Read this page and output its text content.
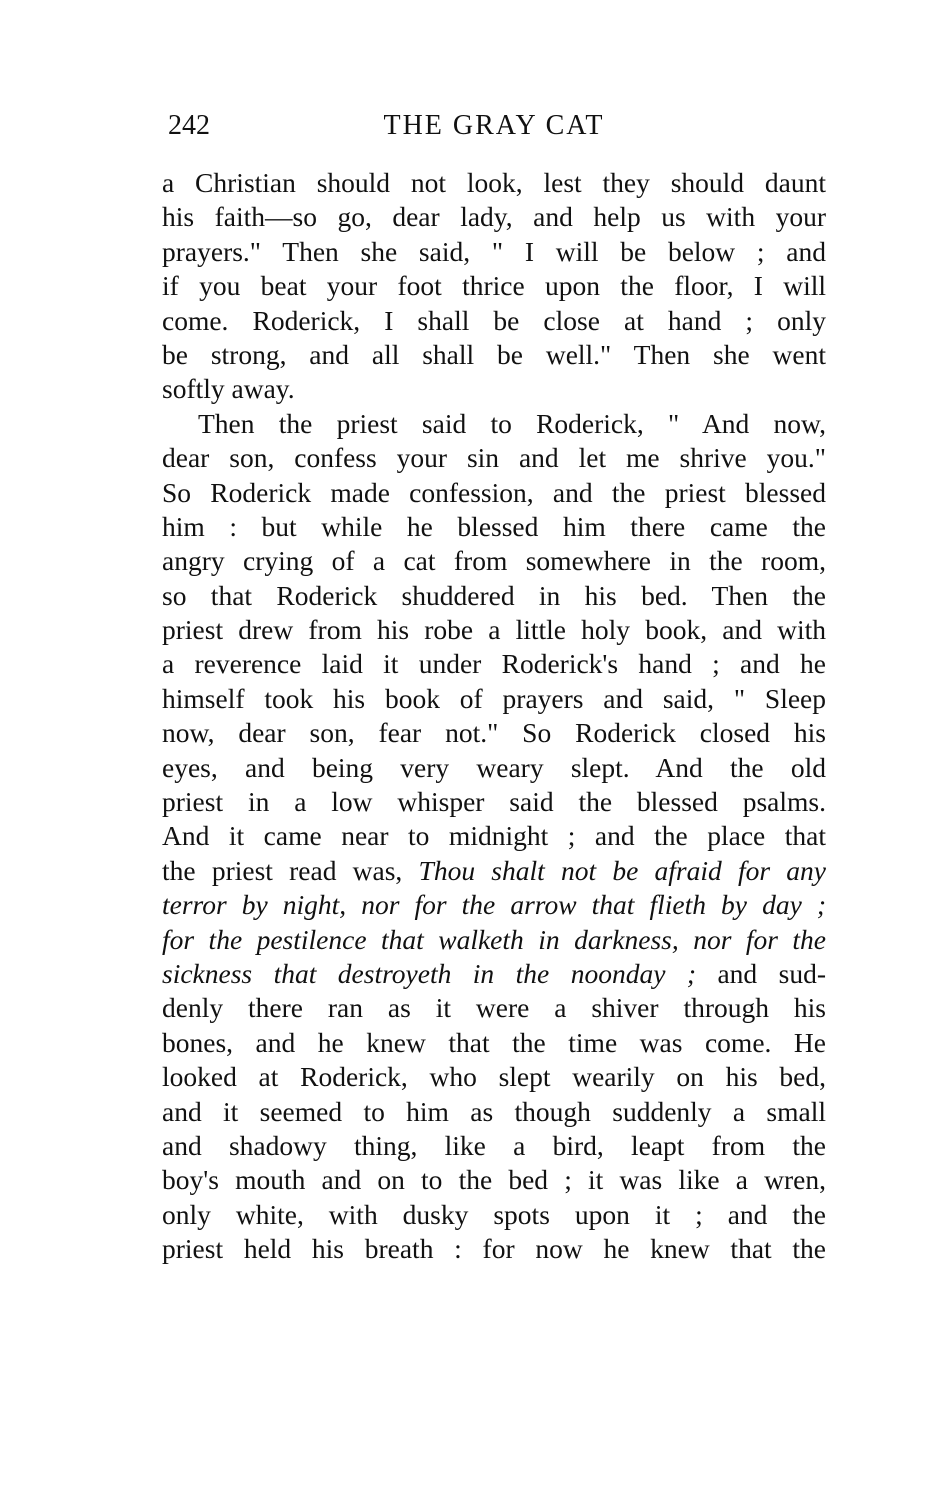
242	THE GRAY CAT
a Christian should not look, lest they should daunt
his faith—so go, dear lady, and help us with your
prayers." Then she said, " I will be below ; and
if you beat your foot thrice upon the floor, I will
come. Roderick, I shall be close at hand ; only
be strong, and all shall be well." Then she went
softly away.
Then the priest said to Roderick, " And now,
dear son, confess your sin and let me shrive you."
So Roderick made confession, and the priest blessed
him : but while he blessed him there came the
angry crying of a cat from somewhere in the room,
so that Roderick shuddered in his bed. Then the
priest drew from his robe a little holy book, and with
a reverence laid it under Roderick's hand ; and he
himself took his book of prayers and said, " Sleep
now, dear son, fear not." So Roderick closed his
eyes, and being very weary slept. And the old
priest in a low whisper said the blessed psalms.
And it came near to midnight ; and the place that
the priest read was, Thou shalt not be afraid for any
terror by night, nor for the arrow that flieth by day ;
for the pestilence that walketh in darkness, nor for the
sickness that destroyeth in the noonday ; and sud-
denly there ran as it were a shiver through his
bones, and he knew that the time was come. He
looked at Roderick, who slept wearily on his bed,
and it seemed to him as though suddenly a small
and shadowy thing, like a bird, leapt from the
boy's mouth and on to the bed ; it was like a wren,
only white, with dusky spots upon it ; and the
priest held his breath : for now he knew that the
